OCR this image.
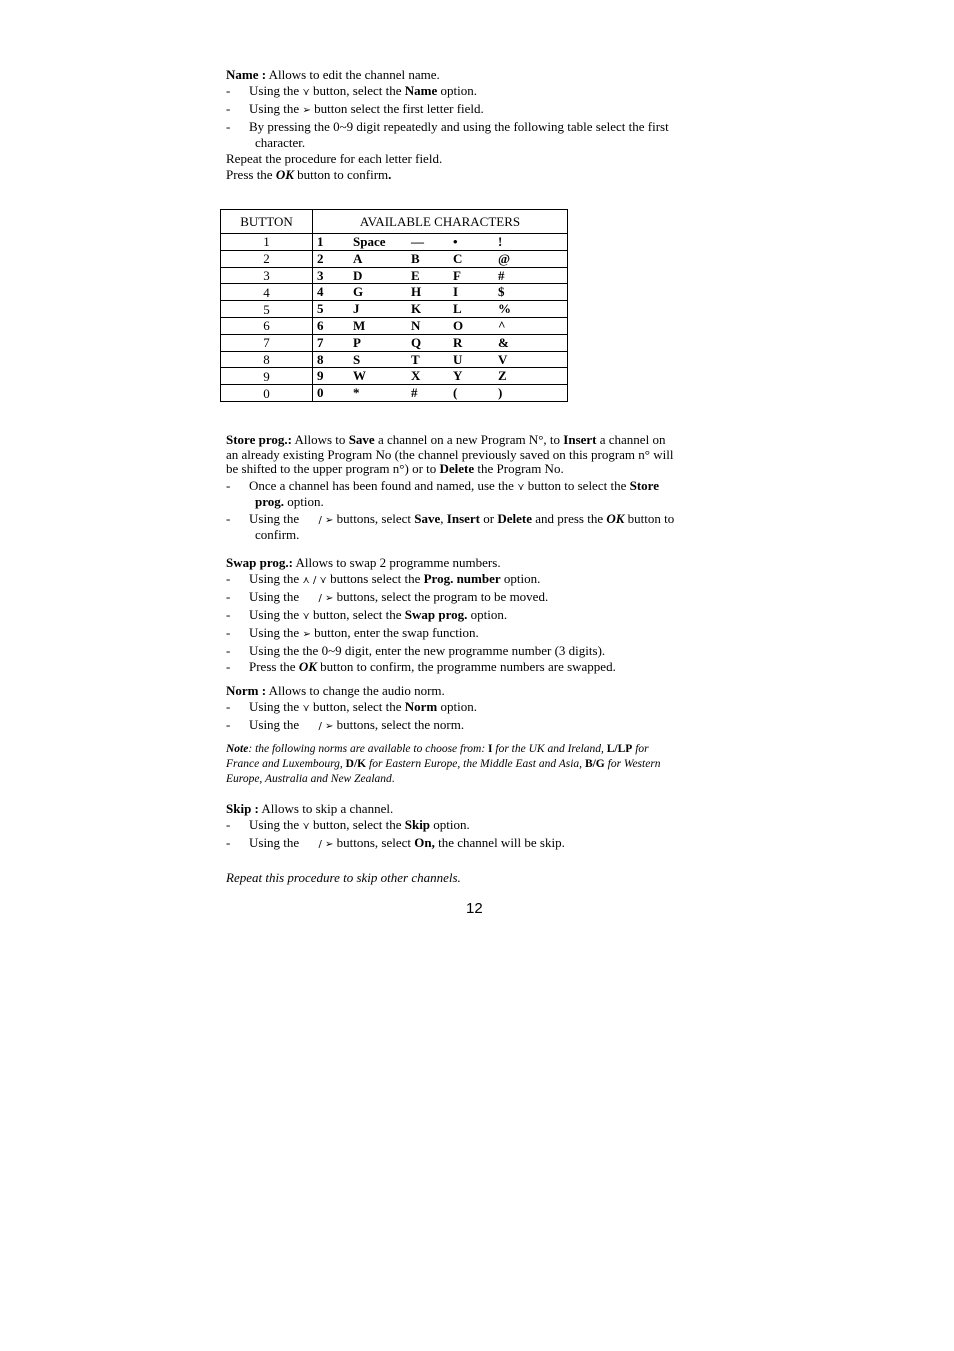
Name : Allows to edit the channel name.
- Using the ⋎ button, select the Name option.
- Using the ➢ button select the first letter field.
- By pressing the 0~9 digit repeatedly and using the following table select the first
character.
Repeat the procedure for each letter field.
Press the OK button to confirm.
BUTTON	AVAILABLE CHARACTERS
1	1 Space — • !

2	2 A B C @

3	3 D E F #

4	4 G H I $

5	5 J K L %

6	6 M N O ^

7	7 P Q R &

8	8 S T U V

9	9 W X Y Z

0	0 * # ( )
Store prog.: Allows to Save a channel on a new Program N°, to Insert a channel on
an already existing Program No (the channel previously saved on this program n° will
be shifted to the upper program n°) or to Delete the Program No.
- Once a channel has been found and named, use the ⋎ button to select the Store

prog. option.
- Using the / ➢ buttons, select Save, Insert or Delete and press the OK button to

confirm.
Swap prog.: Allows to swap 2 programme numbers.
- Using the ⋏ / ⋎ buttons select the Prog. number option.
- Using the / ➢ buttons, select the program to be moved.
- Using the ⋎ button, select the Swap prog. option.
- Using the ➢ button, enter the swap function.
- Using the the 0~9 digit, enter the new programme number (3 digits).
- Press the OK button to confirm, the programme numbers are swapped.
Norm : Allows to change the audio norm.
- Using the ⋎ button, select the Norm option.
- Using the / ➢ buttons, select the norm.
Note: the following norms are available to choose from: I for the UK and Ireland, L/LP for
France and Luxembourg, D/K for Eastern Europe, the Middle East and Asia, B/G for Western
Europe, Australia and New Zealand.
Skip : Allows to skip a channel.
- Using the ⋎ button, select the Skip option.
- Using the / ➢ buttons, select On, the channel will be skip.
Repeat this procedure to skip other channels.
12
